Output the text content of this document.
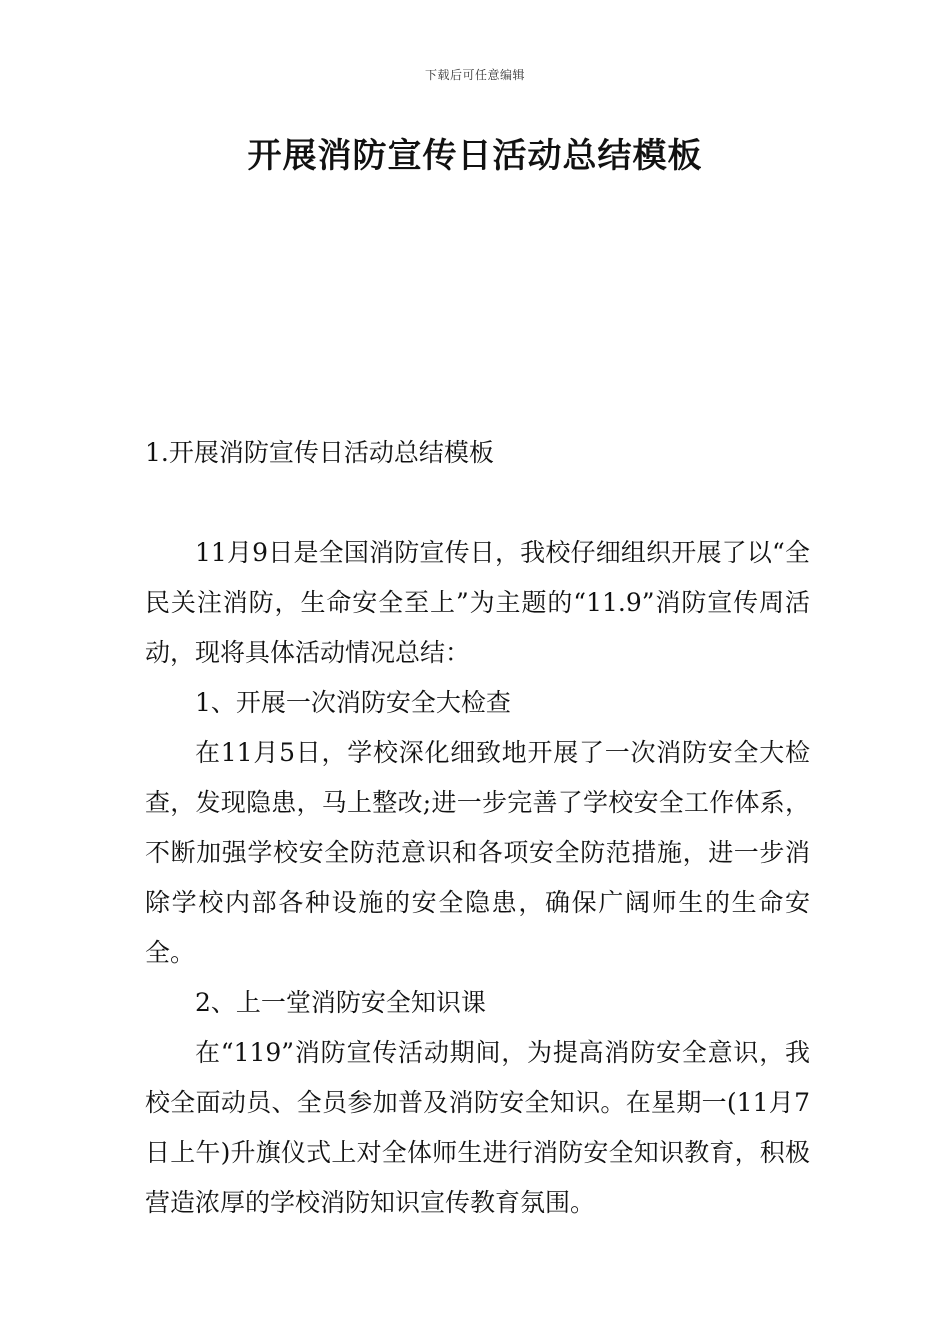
下载后可任意编辑
开展消防宣传日活动总结模板

1.开展消防宣传日活动总结模板

11月9日是全国消防宣传日，我校仔细组织开展了以“全民关注消防，生命安全至上”为主题的“11.9”消防宣传周活动，现将具体活动情况总结：

1、开展一次消防安全大检查

在11月5日，学校深化细致地开展了一次消防安全大检查，发现隐患，马上整改;进一步完善了学校安全工作体系，不断加强学校安全防范意识和各项安全防范措施，进一步消除学校内部各种设施的安全隐患，确保广阔师生的生命安全。

2、上一堂消防安全知识课

在“119”消防宣传活动期间，为提高消防安全意识，我校全面动员、全员参加普及消防安全知识。在星期一(11月7日上午)升旗仪式上对全体师生进行消防安全知识教育，积极营造浓厚的学校消防知识宣传教育氛围。
